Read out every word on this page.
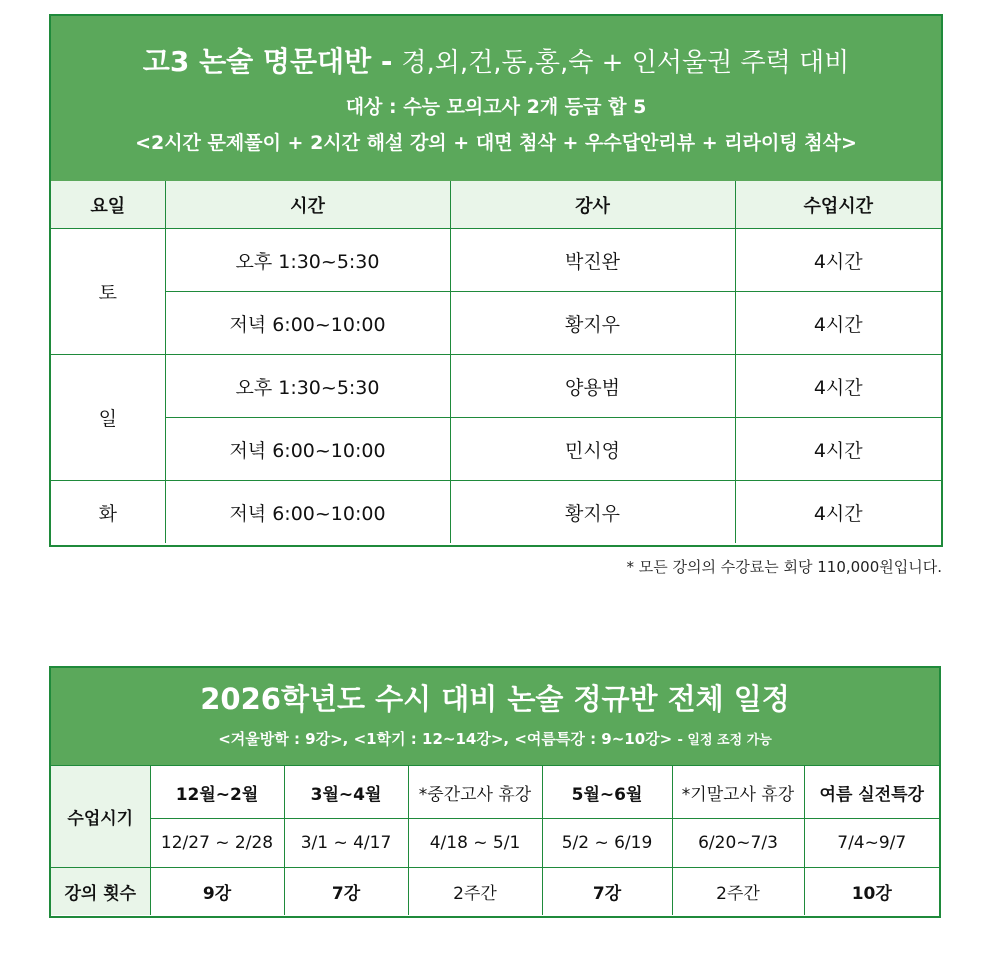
고3 논술 명문대반 - 경,외,건,동,홍,숙 + 인서울권 주력 대비
대상 : 수능 모의고사 2개 등급 합 5
<2시간 문제풀이 + 2시간 해설 강의 + 대면 첨삭 + 우수답안리뷰 + 리라이팅 첨삭>
요일	시간	강사	수업시간
토	오후 1:30~5:30	박진완	4시간
	저녁 6:00~10:00	황지우	4시간
일	오후 1:30~5:30	양용범	4시간
	저녁 6:00~10:00	민시영	4시간
화	저녁 6:00~10:00	황지우	4시간
* 모든 강의의 수강료는 회당 110,000원입니다.
2026학년도 수시 대비 논술 정규반 전체 일정
<겨울방학 : 9강>, <1학기 : 12~14강>, <여름특강 : 9~10강> - 일정 조정 가능
수업시기	12월~2월	3월~4월	*중간고사 휴강	5월~6월	*기말고사 휴강	여름 실전특강
	12/27 ~ 2/28	3/1 ~ 4/17	4/18 ~ 5/1	5/2 ~ 6/19	6/20~7/3	7/4~9/7
강의 횟수	9강	7강	2주간	7강	2주간	10강
